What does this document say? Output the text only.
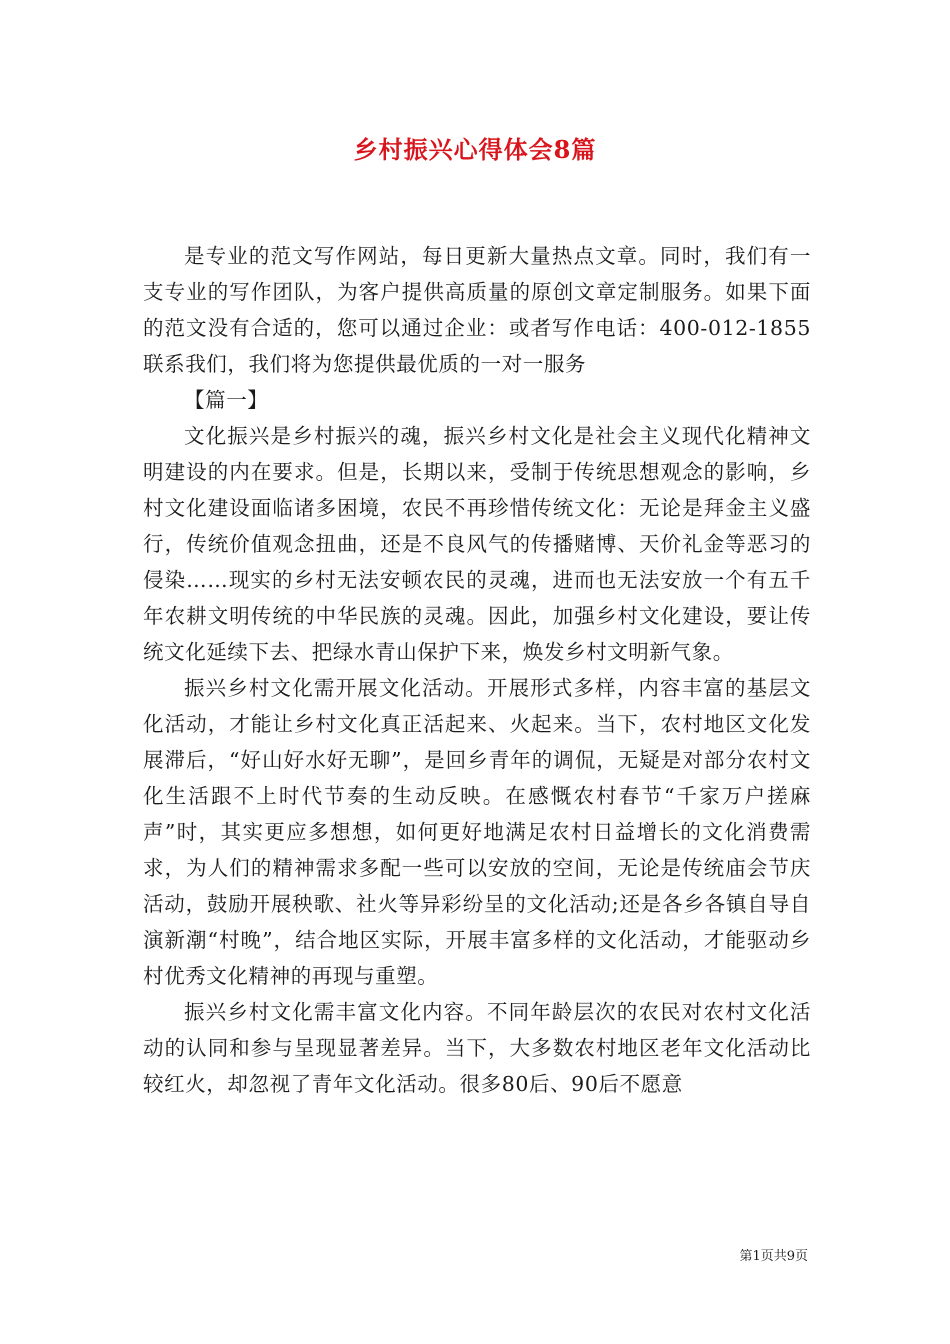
乡村振兴心得体会8篇

是专业的范文写作网站，每日更新大量热点文章。同时，我们有一支专业的写作团队，为客户提供高质量的原创文章定制服务。如果下面的范文没有合适的，您可以通过企业：或者写作电话：400-012-1855联系我们，我们将为您提供最优质的一对一服务

【篇一】

文化振兴是乡村振兴的魂，振兴乡村文化是社会主义现代化精神文明建设的内在要求。但是，长期以来，受制于传统思想观念的影响，乡村文化建设面临诸多困境，农民不再珍惜传统文化：无论是拜金主义盛行，传统价值观念扭曲，还是不良风气的传播赌博、天价礼金等恶习的侵染……现实的乡村无法安顿农民的灵魂，进而也无法安放一个有五千年农耕文明传统的中华民族的灵魂。因此，加强乡村文化建设，要让传统文化延续下去、把绿水青山保护下来，焕发乡村文明新气象。

振兴乡村文化需开展文化活动。开展形式多样，内容丰富的基层文化活动，才能让乡村文化真正活起来、火起来。当下，农村地区文化发展滞后，“好山好水好无聊”，是回乡青年的调侃，无疑是对部分农村文化生活跟不上时代节奏的生动反映。在感慨农村春节“千家万户搓麻声”时，其实更应多想想，如何更好地满足农村日益增长的文化消费需求，为人们的精神需求多配一些可以安放的空间，无论是传统庙会节庆活动，鼓励开展秧歌、社火等异彩纷呈的文化活动;还是各乡各镇自导自演新潮“村晚”，结合地区实际，开展丰富多样的文化活动，才能驱动乡村优秀文化精神的再现与重塑。

振兴乡村文化需丰富文化内容。不同年龄层次的农民对农村文化活动的认同和参与呈现显著差异。当下，大多数农村地区老年文化活动比较红火，却忽视了青年文化活动。很多80后、90后不愿意

第1页共9页
